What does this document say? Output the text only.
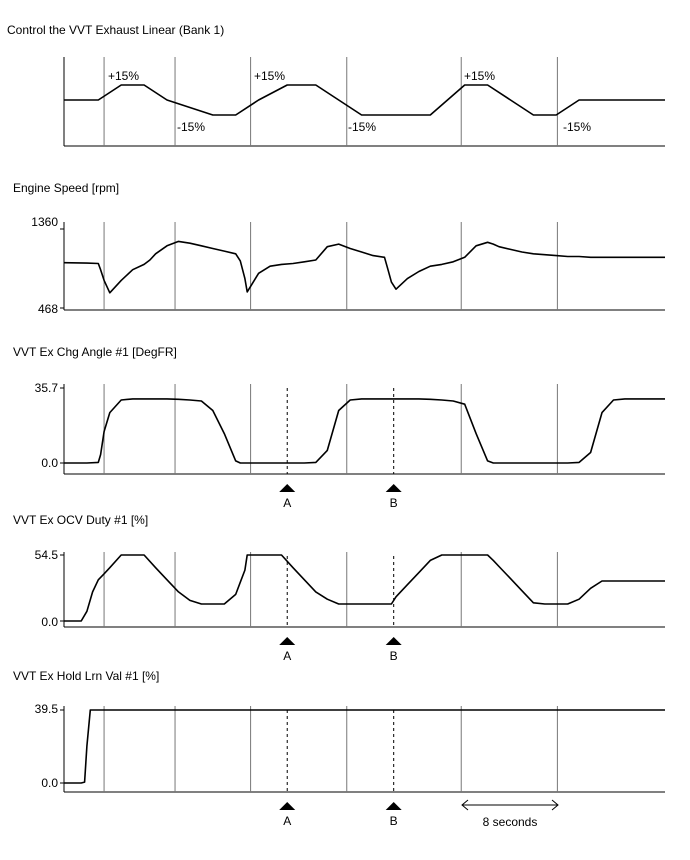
Control the VVT Exhaust Linear (Bank 1)
+15%
-15%
+15%
-15%
+15%
-15%
Engine Speed [rpm]
1360
468
VVT Ex Chg Angle #1 [DegFR]
35.7
0.0
A	B
VVT Ex OCV Duty #1 [%]
54.5
0.0
A	B
VVT Ex Hold Lrn Val #1 [%]
39.5
0.0
A	B	8 seconds
